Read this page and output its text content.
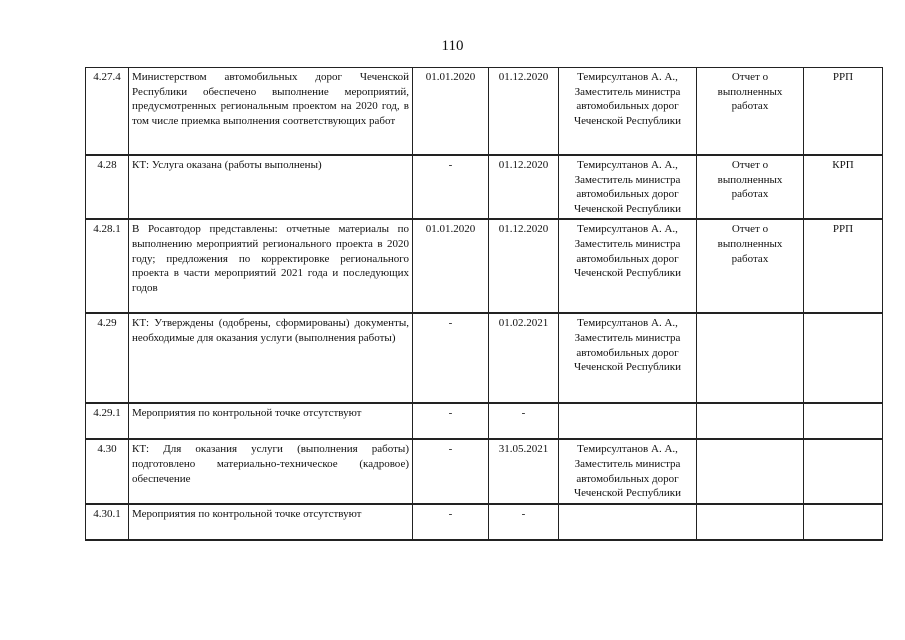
110
4.27.4	Министерством автомобильных дорог Чеченской Республики обеспечено выполнение мероприятий, предусмотренных региональным проектом на 2020 год, в том числе приемка выполнения соответствующих работ	01.01.2020	01.12.2020	Темирсултанов А. А., Заместитель министра автомобильных дорог Чеченской Республики	Отчет о выполненных работах	РРП
4.28	КТ: Услуга оказана (работы выполнены)	-	01.12.2020	Темирсултанов А. А., Заместитель министра автомобильных дорог Чеченской Республики	Отчет о выполненных работах	КРП
4.28.1	В Росавтодор представлены: отчетные материалы по выполнению мероприятий регионального проекта в 2020 году; предложения по корректировке регионального проекта в части мероприятий 2021 года и последующих годов	01.01.2020	01.12.2020	Темирсултанов А. А., Заместитель министра автомобильных дорог Чеченской Республики	Отчет о выполненных работах	РРП
4.29	КТ: Утверждены (одобрены, сформированы) документы, необходимые для оказания услуги (выполнения работы)	-	01.02.2021	Темирсултанов А. А., Заместитель министра автомобильных дорог Чеченской Республики		
4.29.1	Мероприятия по контрольной точке отсутствуют	-	-			
4.30	КТ: Для оказания услуги (выполнения работы) подготовлено материально-техническое (кадровое) обеспечение	-	31.05.2021	Темирсултанов А. А., Заместитель министра автомобильных дорог Чеченской Республики		
4.30.1	Мероприятия по контрольной точке отсутствуют	-	-			
